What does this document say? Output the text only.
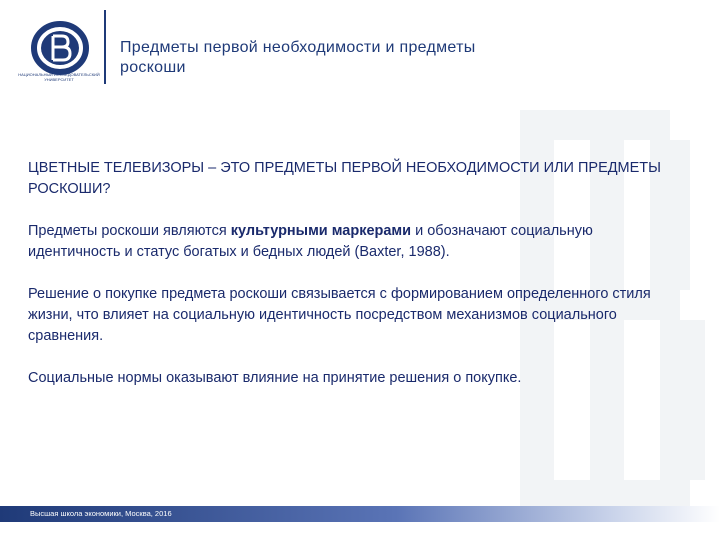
НАЦИОНАЛЬНЫЙ ИССЛЕДОВАТЕЛЬСКИЙ УНИВЕРСИТЕТ
Предметы первой необходимости и предметы роскоши

ЦВЕТНЫЕ ТЕЛЕВИЗОРЫ – ЭТО ПРЕДМЕТЫ ПЕРВОЙ НЕОБХОДИМОСТИ ИЛИ ПРЕДМЕТЫ РОСКОШИ?

Предметы роскоши являются культурными маркерами и обозначают социальную идентичность и статус богатых и бедных людей (Baxter, 1988).

Решение о покупке предмета роскоши связывается с формированием определенного стиля жизни, что влияет на социальную идентичность посредством механизмов социального сравнения.

Социальные нормы оказывают влияние на принятие решения о покупке.

Высшая школа экономики, Москва, 2016
